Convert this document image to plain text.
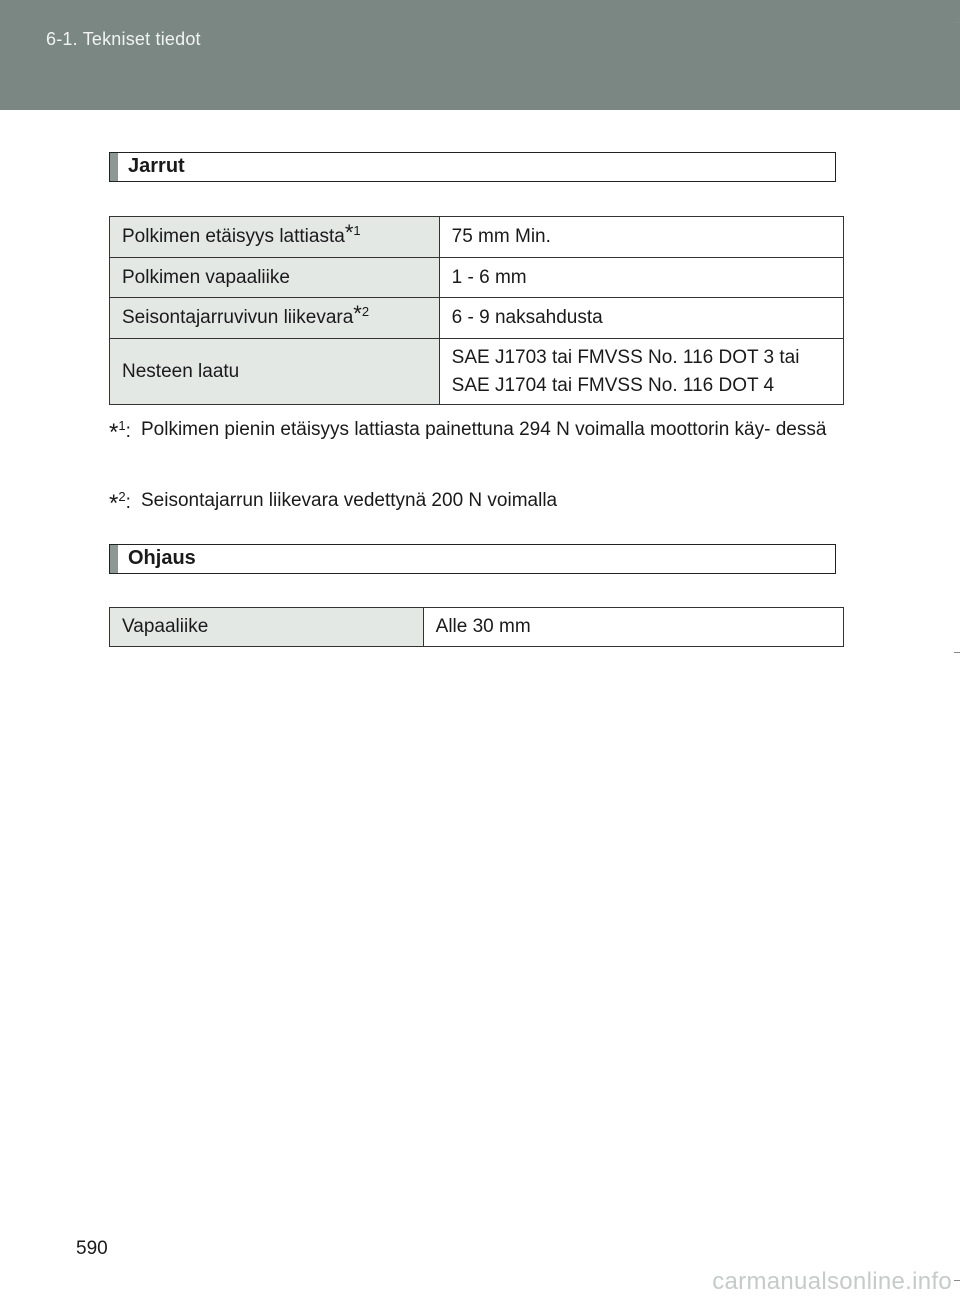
6-1. Tekniset tiedot
Jarrut
Polkimen etäisyys lattiasta$^{*1}$	75 mm Min.
Polkimen vapaaliike	1 - 6 mm
Seisontajarruvivun liikevara$^{*2}$	6 - 9 naksahdusta
Nesteen laatu	SAE J1703 tai FMVSS No. 116 DOT 3 tai
SAE J1704 tai FMVSS No. 116 DOT 4
*$^1$: Polkimen pienin etäisyys lattiasta painettuna 294 N voimalla moottorin käy- dessä
*$^2$: Seisontajarrun liikevara vedettynä 200 N voimalla
Ohjaus
Vapaaliike	Alle 30 mm
590
carmanualsonline.info
